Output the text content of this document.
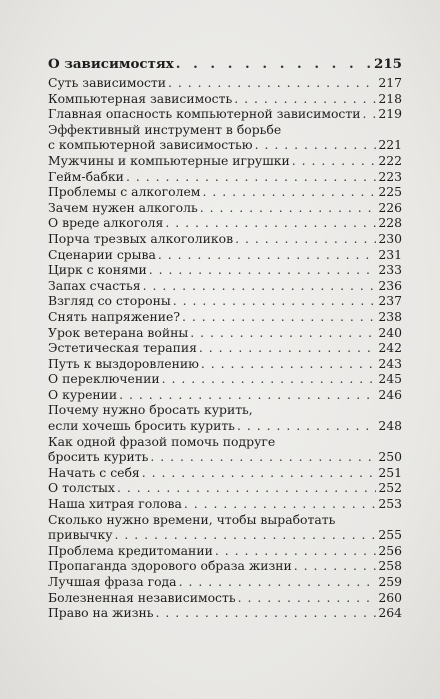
О зависимостях . . .	215
Суть зависимости . . .	217
Компьютерная зависимость . . .	218
Главная опасность компьютерной зависимости . . . 219
Эффективный инструмент в борьбе
с компьютерной зависимостью . . .	221
Мужчины и компьютерные игрушки . . .	222
Гейм-бабки . . .	223
Проблемы с алкоголем . . .	225
Зачем нужен алкоголь . . .	226
О вреде алкоголя . . .	228
Порча трезвых алкоголиков . . .	230
Сценарии срыва . . .	231
Цирк с конями . . .	233
Запах счастья . . .	236
Взгляд со стороны . . .	237
Снять напряжение? . . .	238
Урок ветерана войны . . .	240
Эстетическая терапия . . .	242
Путь к выздоровлению . . .	243
О переключении . . .	245
О курении . . .	246
Почему нужно бросать курить,
если хочешь бросить курить . . .	248
Как одной фразой помочь подруге
бросить курить . . .	250
Начать с себя . . .	251
О толстых . . .	252
Наша хитрая голова . . .	253
Сколько нужно времени, чтобы выработать
привычку . . .	255
Проблема кредитомании . . .	256
Пропаганда здорового образа жизни . . .	258
Лучшая фраза года . . .	259
Болезненная независимость . . .	260
Право на жизнь . . .	264
